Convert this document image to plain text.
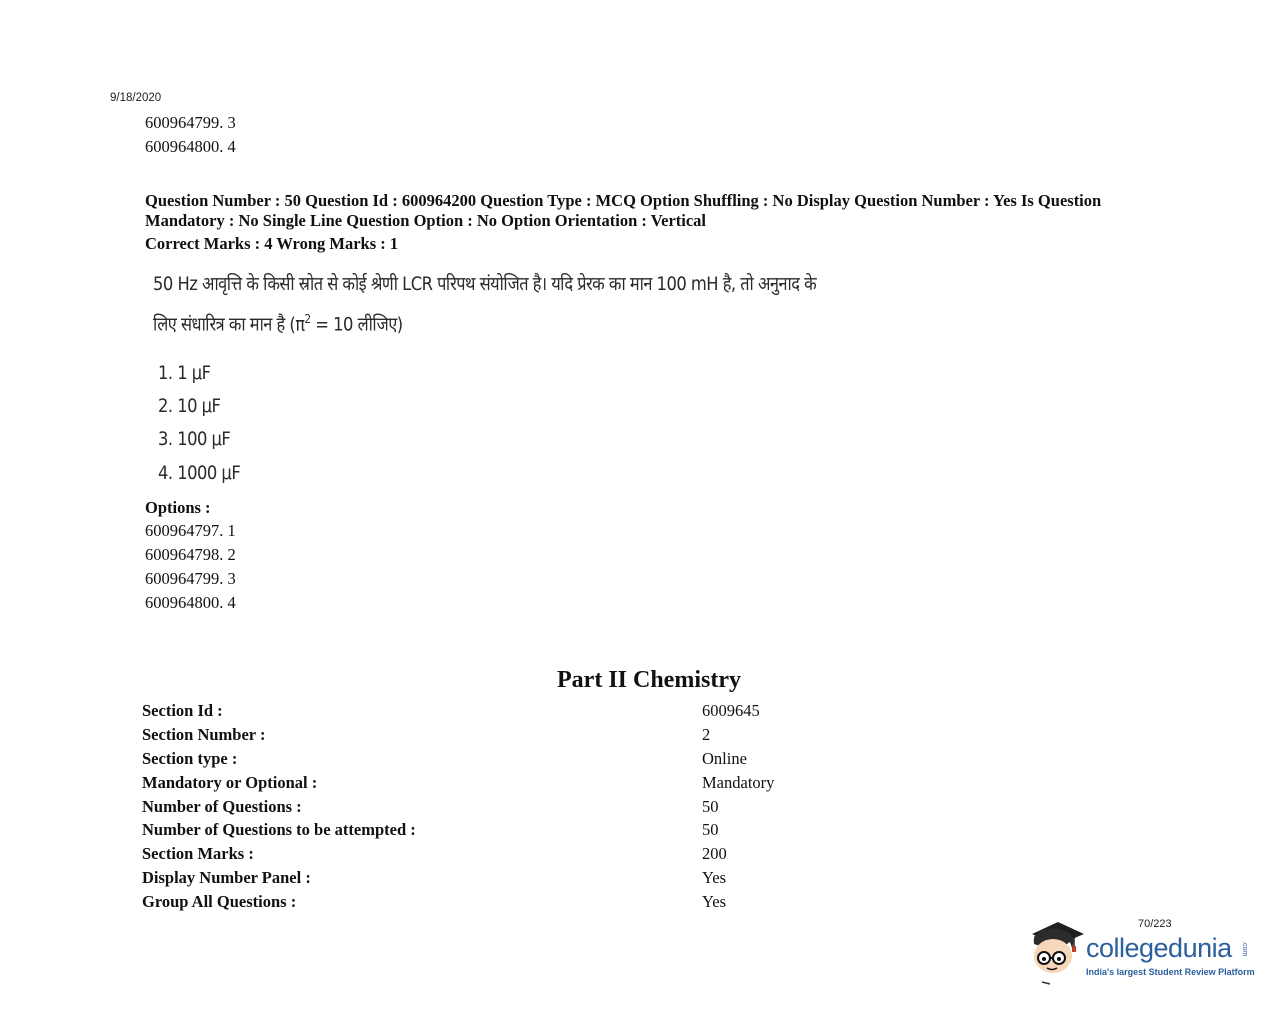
9/18/2020
600964799. 3
600964800. 4
Question Number : 50 Question Id : 600964200 Question Type : MCQ Option Shuffling : No Display Question Number : Yes Is Question
Mandatory : No Single Line Question Option : No Option Orientation : Vertical
Correct Marks : 4 Wrong Marks : 1
50 Hz आवृत्ति के किसी स्रोत से कोई श्रेणी LCR परिपथ संयोजित है। यदि प्रेरक का मान 100 mH है, तो अनुनाद के
लिए संधारित्र का मान है ($\pi^2 = 10$ लीजिए)
1. 1 μF
2. 10 μF
3. 100 μF
4. 1000 μF
Options :
600964797. 1
600964798. 2
600964799. 3
600964800. 4
Part II Chemistry
Section Id :	6009645
Section Number :	2
Section type :	Online
Mandatory or Optional :	Mandatory
Number of Questions :	50
Number of Questions to be attempted :	50
Section Marks :	200
Display Number Panel :	Yes
Group All Questions :	Yes
70/223
collegedunia .com
India's largest Student Review Platform
